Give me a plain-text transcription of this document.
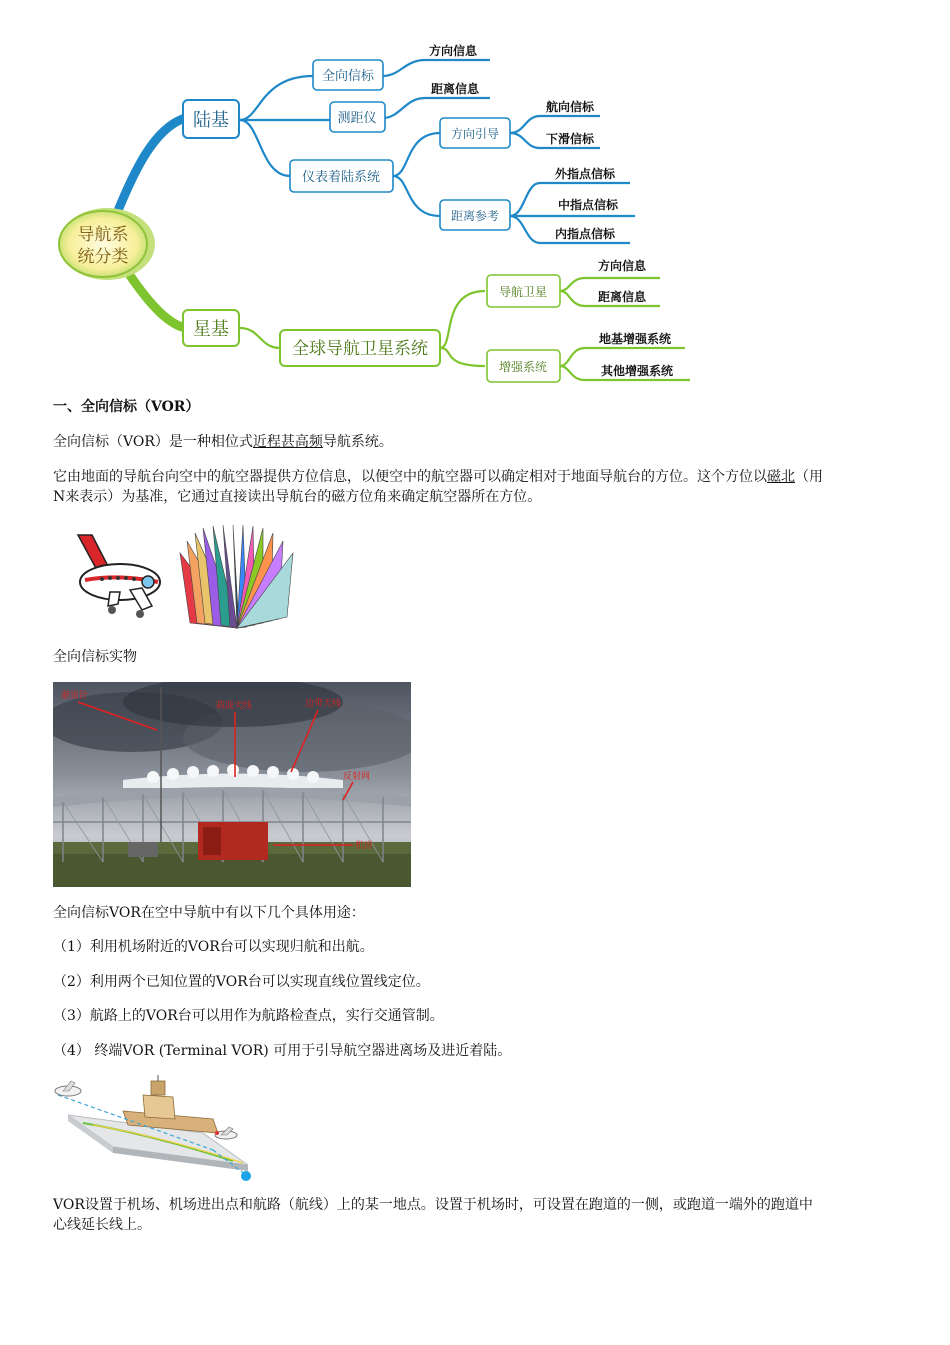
导航系
统分类
陆基
全向信标
方向信息
测距仪
距离信息
仪表着陆系统
方向引导
航向信标
下滑信标
距离参考
外指点信标
中指点信标
内指点信标
星基
全球导航卫星系统
导航卫星
方向信息
距离信息
增强系统
地基增强系统
其他增强系统
一、全向信标（VOR）
全向信标（VOR）是一种相位式近程甚高频导航系统。
它由地面的导航台向空中的航空器提供方位信息，以便空中的航空器可以确定相对于地面导航台的方位。这个方位以磁北（用
N来表示）为基准，它通过直接读出导航台的磁方位角来确定航空器所在方位。
全向信标实物
避雷针
载波天线	边带天线
反射网
机房
全向信标VOR在空中导航中有以下几个具体用途：
（1）利用机场附近的VOR台可以实现归航和出航。
（2）利用两个已知位置的VOR台可以实现直线位置线定位。
（3）航路上的VOR台可以用作为航路检查点，实行交通管制。
（4） 终端VOR (Terminal VOR) 可用于引导航空器进离场及进近着陆。
VOR设置于机场、机场进出点和航路（航线）上的某一地点。设置于机场时，可设置在跑道的一侧，或跑道一端外的跑道中
心线延长线上。
